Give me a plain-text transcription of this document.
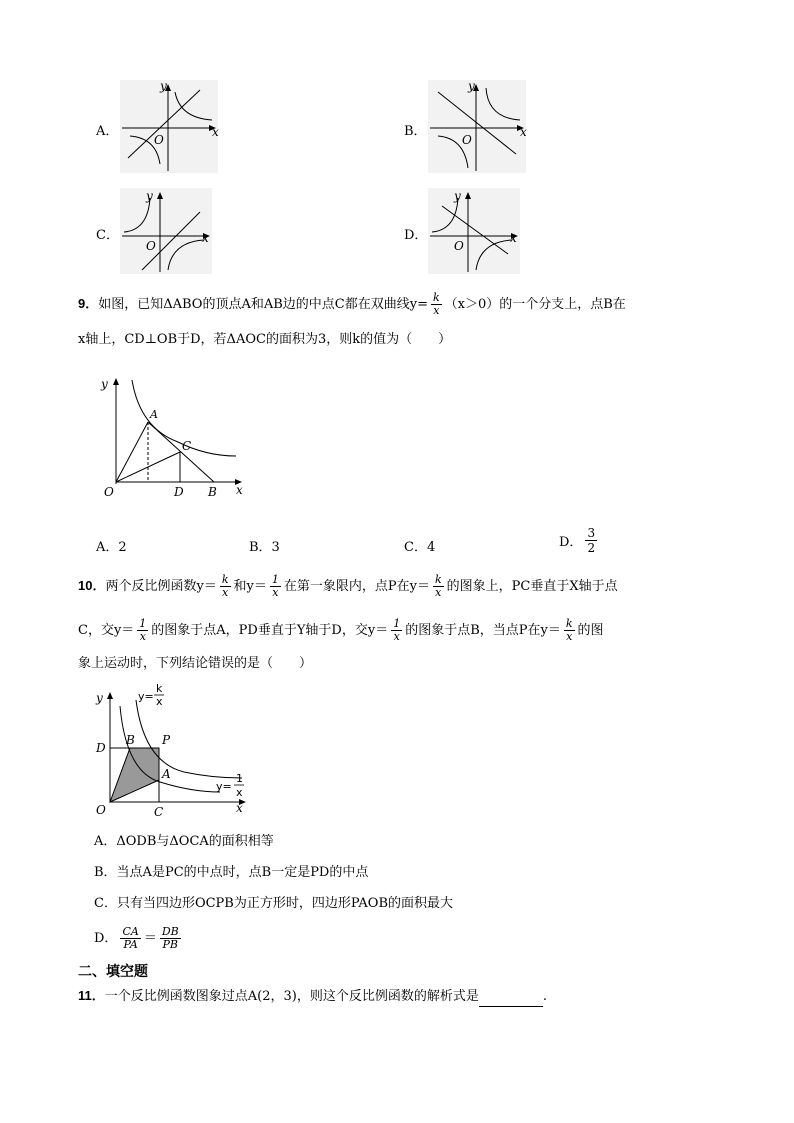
A．
y
x
O
B．
y
x
O
C．
y
x
O
D．
y
x
O
9．如图，已知ΔABO的顶点A和AB边的中点C都在双曲线$y= \frac{k}{x} (x>0)$的一个分支上，点B在
x轴上，CD⊥OB于D，若ΔAOC的面积为3，则k的值为（　　）
y
x
O
A
C
D B
A．2	B．3	C．4	D． $\frac{3}{2}$
10．两个反比例函数$y= \frac{k}{x}$ 和$y= \frac{1}{x}$ 在第一象限内，点P在$y= \frac{k}{x}$ 的图象上，PC垂直于X轴于点
C，交$y= \frac{1}{x}$ 的图象于点A，PD垂直于Y轴于D，交$y= \frac{1}{x}$ 的图象于点B，当点P在$y= \frac{k}{x}$ 的图
象上运动时，下列结论错误的是（　　）
y
x
O
D
B P
A
C
y=
k
x
y=
1
x
A．ΔODB与ΔOCA的面积相等
B．当点A是PC的中点时，点B一定是PD的中点
C．只有当四边形OCPB为正方形时，四边形PAOB的面积最大
D． $\frac{CA}{PA} = \frac{DB}{PB}$
二、填空题
11．一个反比例函数图象过点A(2，3)，则这个反比例函数的解析式是	.
